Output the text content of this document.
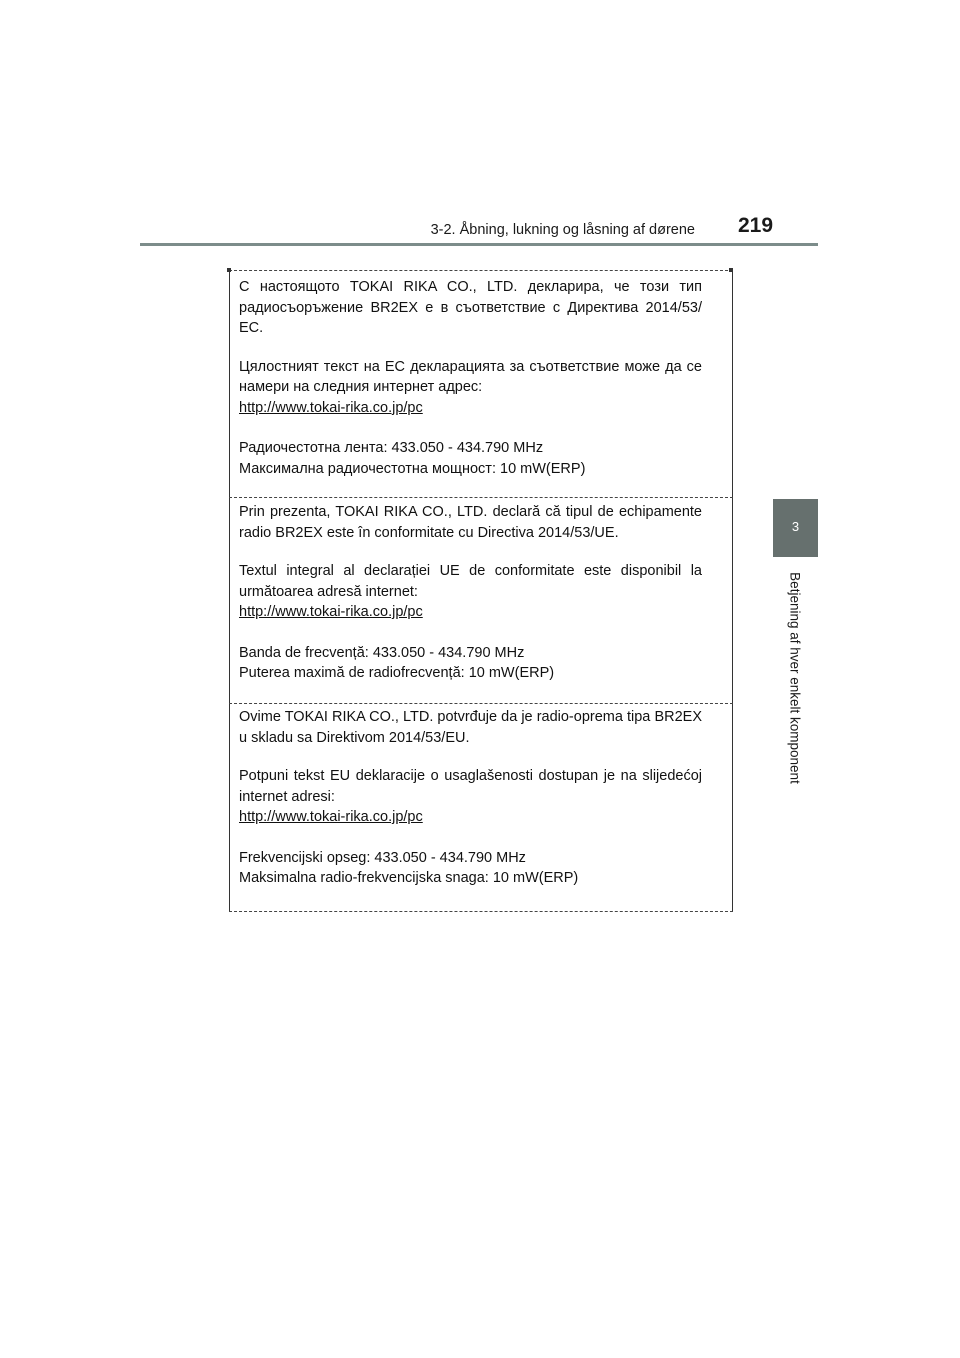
3-2. Åbning, lukning og låsning af dørene 219
3
Betjening af hver enkelt komponent

С настоящото TOKAI RIKA CO., LTD. декларира, че този тип радиосъоръжение BR2EX е в съответствие с Директива 2014/53/ЕС.

Цялостният текст на ЕС декларацията за съответствие може да се намери на следния интернет адрес:

http://www.tokai-rika.co.jp/pc

Радиочестотна лента: 433.050 - 434.790 MHz

Максимална радиочестотна мощност: 10 mW(ERP)

Prin prezenta, TOKAI RIKA CO., LTD. declară că tipul de echipamente radio BR2EX este în conformitate cu Directiva 2014/53/UE.

Textul integral al declarației UE de conformitate este disponibil la următoarea adresă internet:

http://www.tokai-rika.co.jp/pc

Banda de frecvență: 433.050 - 434.790 MHz

Puterea maximă de radiofrecvență: 10 mW(ERP)

Ovime TOKAI RIKA CO., LTD. potvrđuje da je radio-oprema tipa BR2EX u skladu sa Direktivom 2014/53/EU.

Potpuni tekst EU deklaracije o usaglašenosti dostupan je na slijedećoj internet adresi:

http://www.tokai-rika.co.jp/pc

Frekvencijski opseg: 433.050 - 434.790 MHz

Maksimalna radio-frekvencijska snaga: 10 mW(ERP)
